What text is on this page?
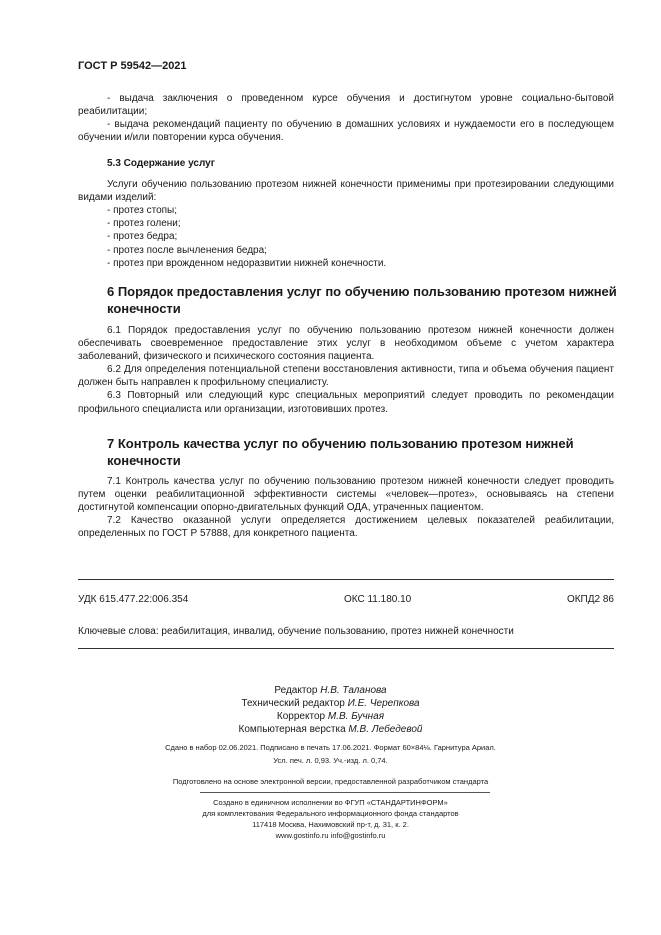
ГОСТ Р 59542—2021

- выдача заключения о проведенном курсе обучения и достигнутом уровне социально-бытовой реабилитации;

- выдача рекомендаций пациенту по обучению в домашних условиях и нуждаемости его в последующем обучении и/или повторении курса обучения.

5.3 Содержание услуг

Услуги обучению пользованию протезом нижней конечности применимы при протезировании следующими видами изделий:

- протез стопы;

- протез голени;

- протез бедра;

- протез после вычленения бедра;

- протез при врожденном недоразвитии нижней конечности.

6 Порядок предоставления услуг по обучению пользованию протезом нижней конечности

6.1 Порядок предоставления услуг по обучению пользованию протезом нижней конечности должен обеспечивать своевременное предоставление этих услуг в необходимом объеме с учетом характера заболеваний, физического и психического состояния пациента.

6.2 Для определения потенциальной степени восстановления активности, типа и объема обучения пациент должен быть направлен к профильному специалисту.

6.3 Повторный или следующий курс специальных мероприятий следует проводить по рекомендации профильного специалиста или организации, изготовивших протез.

7 Контроль качества услуг по обучению пользованию протезом нижней конечности

7.1 Контроль качества услуг по обучению пользованию протезом нижней конечности следует проводить путем оценки реабилитационной эффективности системы «человек—протез», основываясь на степени достигнутой компенсации опорно-двигательных функций ОДА, утраченных пациентом.

7.2 Качество оказанной услуги определяется достижением целевых показателей реабилитации, определенных по ГОСТ Р 57888, для конкретного пациента.

УДК 615.477.22:006.354	ОКС 11.180.10	ОКПД2 86
Ключевые слова: реабилитация, инвалид, обучение пользованию, протез нижней конечности
Редактор Н.В. Таланова
Технический редактор И.Е. Черепкова
Корректор М.В. Бучная
Компьютерная верстка М.В. Лебедевой
Сдано в набор 02.06.2021. Подписано в печать 17.06.2021. Формат 60×84⅛. Гарнитура Ариал.
Усл. печ. л. 0,93. Уч.-изд. л. 0,74.
Подготовлено на основе электронной версии, предоставленной разработчиком стандарта
Создано в единичном исполнении во ФГУП «СТАНДАРТИНФОРМ»
для комплектования Федерального информационного фонда стандартов
117418 Москва, Нахимовский пр-т, д. 31, к. 2.
www.gostinfo.ru info@gostinfo.ru
